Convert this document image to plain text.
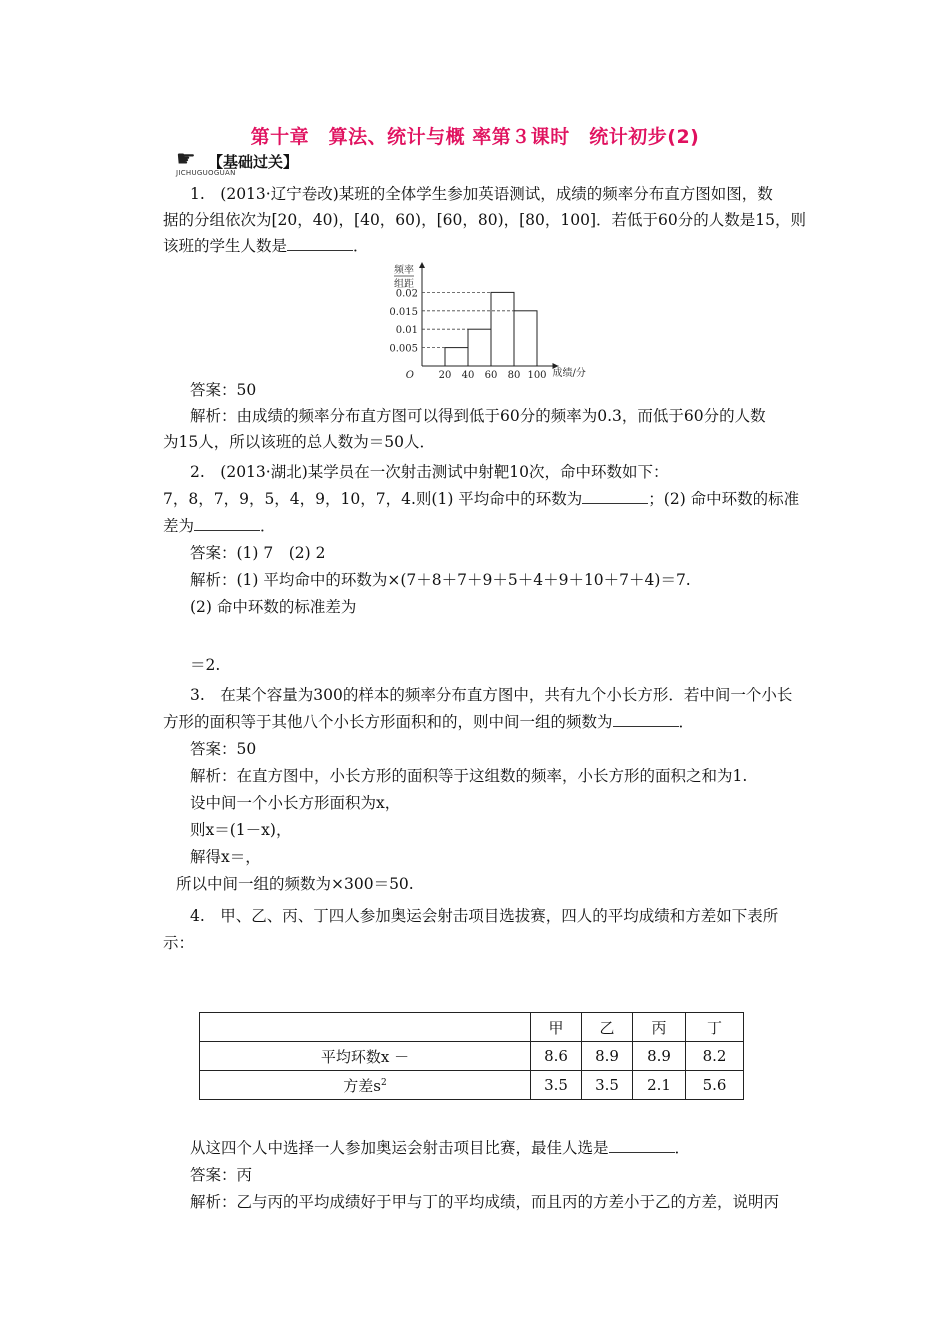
第十章　算法、统计与概 率第３课时　统计初步(2)
☛ 【基础过关】
JICHUGUOGUAN
1.　(2013·辽宁卷改)某班的全体学生参加英语测试，成绩的频率分布直方图如图，数
据的分组依次为[20，40)，[40，60)，[60，80)，[80，100]．若低于60分的人数是15，则
该班的学生人数是	．
频率
组距
0.005
0.01
0.015
0.02
20 40 60 80 100
O	成绩/分
答案：50
解析：由成绩的频率分布直方图可以得到低于60分的频率为0.3，而低于60分的人数
为15人，所以该班的总人数为＝50人．
2.　(2013·湖北)某学员在一次射击测试中射靶10次，命中环数如下：
7，8，7，9，5，4，9，10，7，4.则(1) 平均命中的环数为	；(2) 命中环数的标准
差为	．
答案：(1) 7　(2) 2
解析：(1) 平均命中的环数为×(7＋8＋7＋9＋5＋4＋9＋10＋7＋4)＝7.
(2) 命中环数的标准差为
＝2.
3.　在某个容量为300的样本的频率分布直方图中，共有九个小长方形．若中间一个小长
方形的面积等于其他八个小长方形面积和的，则中间一组的频数为	．
答案：50
解析：在直方图中，小长方形的面积等于这组数的频率，小长方形的面积之和为1.
设中间一个小长方形面积为x，
则x＝(1－x)，
解得x＝，
所以中间一组的频数为×300＝50.
4.　甲、乙、丙、丁四人参加奥运会射击项目选拔赛，四人的平均成绩和方差如下表所
示：
	甲	乙	丙	丁
平均环数x －	8.6	8.9	8.9	8.2
方差$s^2$	3.5	3.5	2.1	5.6
从这四个人中选择一人参加奥运会射击项目比赛，最佳人选是	．
答案：丙
解析：乙与丙的平均成绩好于甲与丁的平均成绩，而且丙的方差小于乙的方差，说明丙
